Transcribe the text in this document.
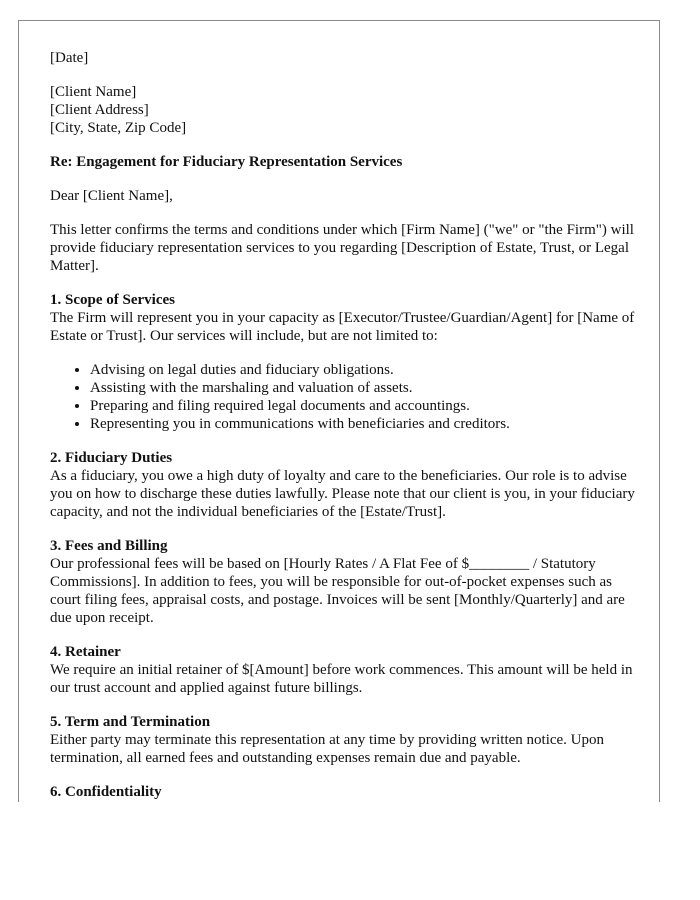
[Date]

[Client Name]
[Client Address]
[City, State, Zip Code]

Re: Engagement for Fiduciary Representation Services

Dear [Client Name],

This letter confirms the terms and conditions under which [Firm Name] ("we" or "the Firm") will provide fiduciary representation services to you regarding [Description of Estate, Trust, or Legal Matter].

1. Scope of Services
The Firm will represent you in your capacity as [Executor/Trustee/Guardian/Agent] for [Name of Estate or Trust]. Our services will include, but are not limited to:
• Advising on legal duties and fiduciary obligations.
• Assisting with the marshaling and valuation of assets.
• Preparing and filing required legal documents and accountings.
• Representing you in communications with beneficiaries and creditors.
2. Fiduciary Duties
As a fiduciary, you owe a high duty of loyalty and care to the beneficiaries. Our role is to advise you on how to discharge these duties lawfully. Please note that our client is you, in your fiduciary capacity, and not the individual beneficiaries of the [Estate/Trust].
3. Fees and Billing
Our professional fees will be based on [Hourly Rates / A Flat Fee of $________ / Statutory Commissions]. In addition to fees, you will be responsible for out-of-pocket expenses such as court filing fees, appraisal costs, and postage. Invoices will be sent [Monthly/Quarterly] and are due upon receipt.
4. Retainer
We require an initial retainer of $[Amount] before work commences. This amount will be held in our trust account and applied against future billings.
5. Term and Termination
Either party may terminate this representation at any time by providing written notice. Upon termination, all earned fees and outstanding expenses remain due and payable.
6. Confidentiality
